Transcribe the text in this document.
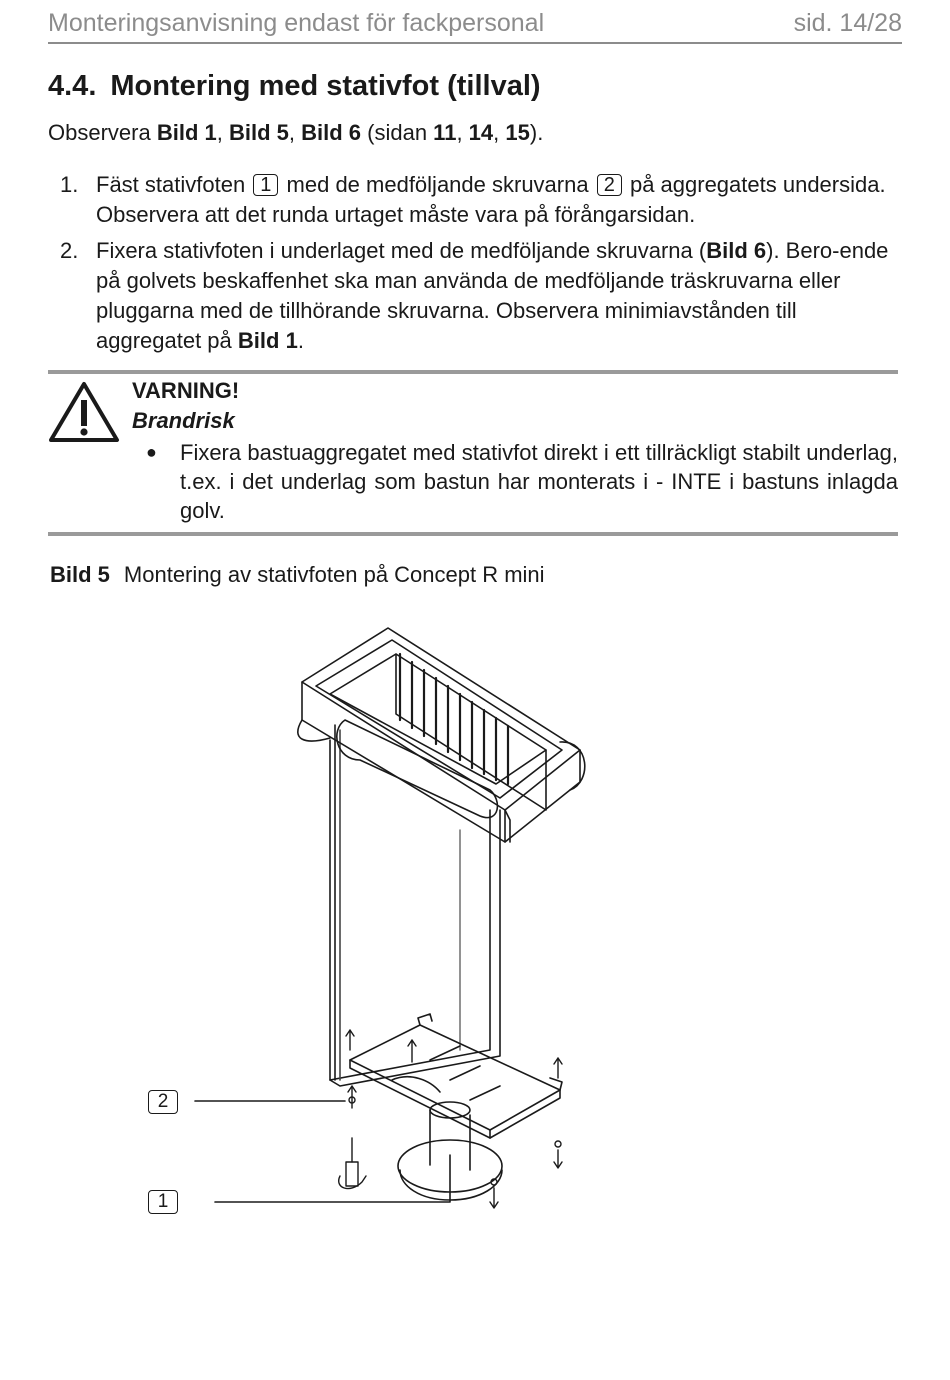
Monteringsanvisning endast för fackpersonal	sid. 14/28
4.4. Montering med stativfot (tillval)
Observera Bild 1, Bild 5, Bild 6 (sidan 11, 14, 15).
1. Fäst stativfoten 1 med de medföljande skruvarna 2 på aggregatets undersida.
Observera att det runda urtaget måste vara på förångarsidan.
2. Fixera stativfoten i underlaget med de medföljande skruvarna (Bild 6). Bero-ende på golvets beskaffenhet ska man använda de medföljande träskruvarna eller pluggarna med de tillhörande skruvarna. Observera minimiavstånden till aggregatet på Bild 1.
VARNING!
Brandrisk
●	Fixera bastuaggregatet med stativfot direkt i ett tillräckligt stabilt underlag, t.ex. i det underlag som bastun har monterats i - INTE i bastuns inlagda golv.
Bild 5 Montering av stativfoten på Concept R mini
2
1
